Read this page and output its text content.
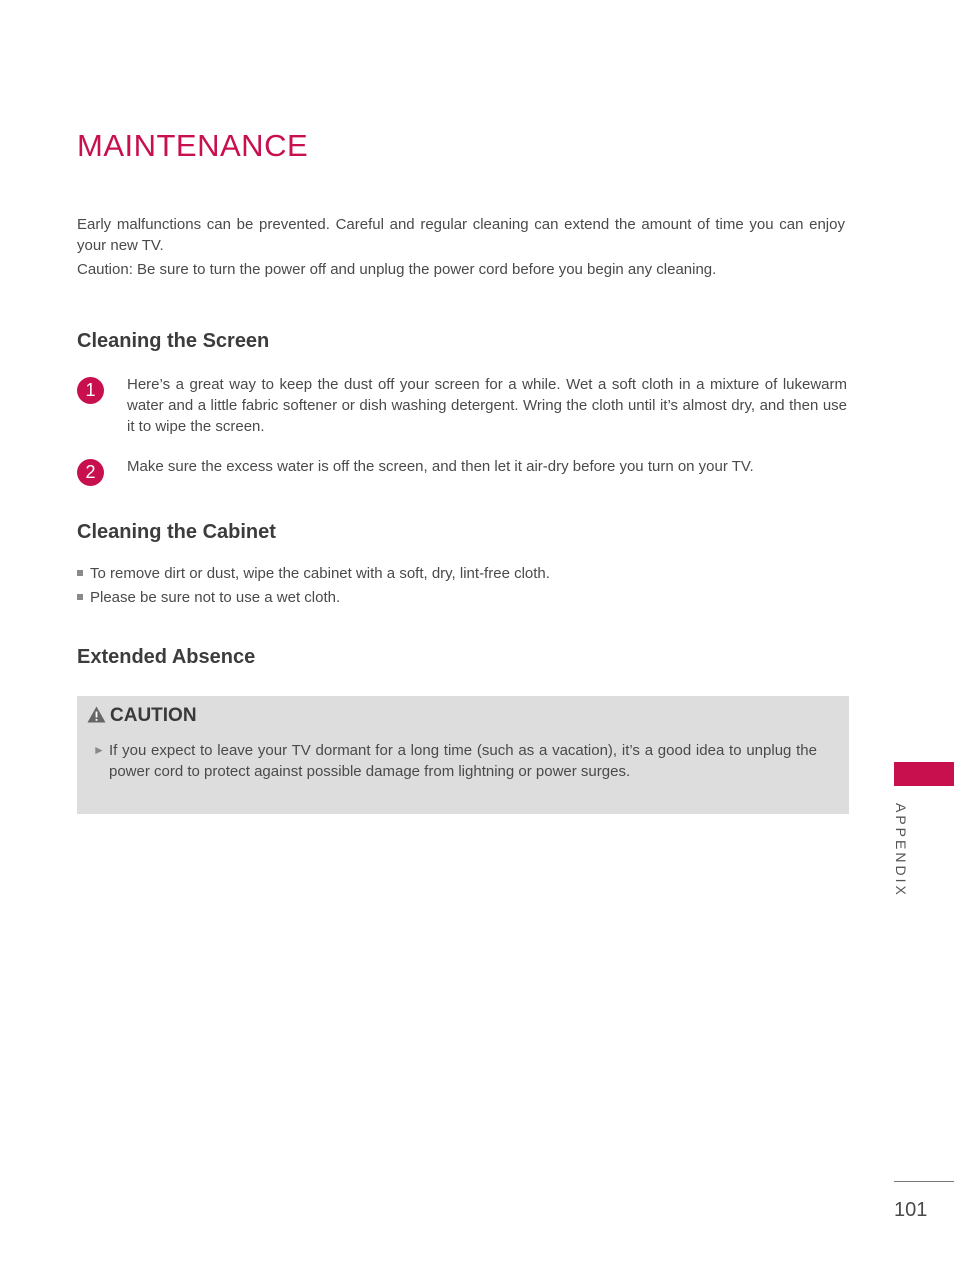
MAINTENANCE

Early malfunctions can be prevented. Careful and regular cleaning can extend the amount of time you can enjoy your new TV.

Caution: Be sure to turn the power off and unplug the power cord before you begin any cleaning.

Cleaning the Screen
1	Here’s a great way to keep the dust off your screen for a while. Wet a soft cloth in a mixture of lukewarm water and a little fabric softener or dish washing detergent. Wring the cloth until it’s almost dry, and then use it to wipe the screen.
2	Make sure the excess water is off the screen, and then let it air-dry before you turn on your TV.
Cleaning the Cabinet
To remove dirt or dust, wipe the cabinet with a soft, dry, lint-free cloth.
Please be sure not to use a wet cloth.
Extended Absence
CAUTION
► If you expect to leave your TV dormant for a long time (such as a vacation), it’s a good idea to unplug the power cord to protect against possible damage from lightning or power surges.
APPENDIX
101
